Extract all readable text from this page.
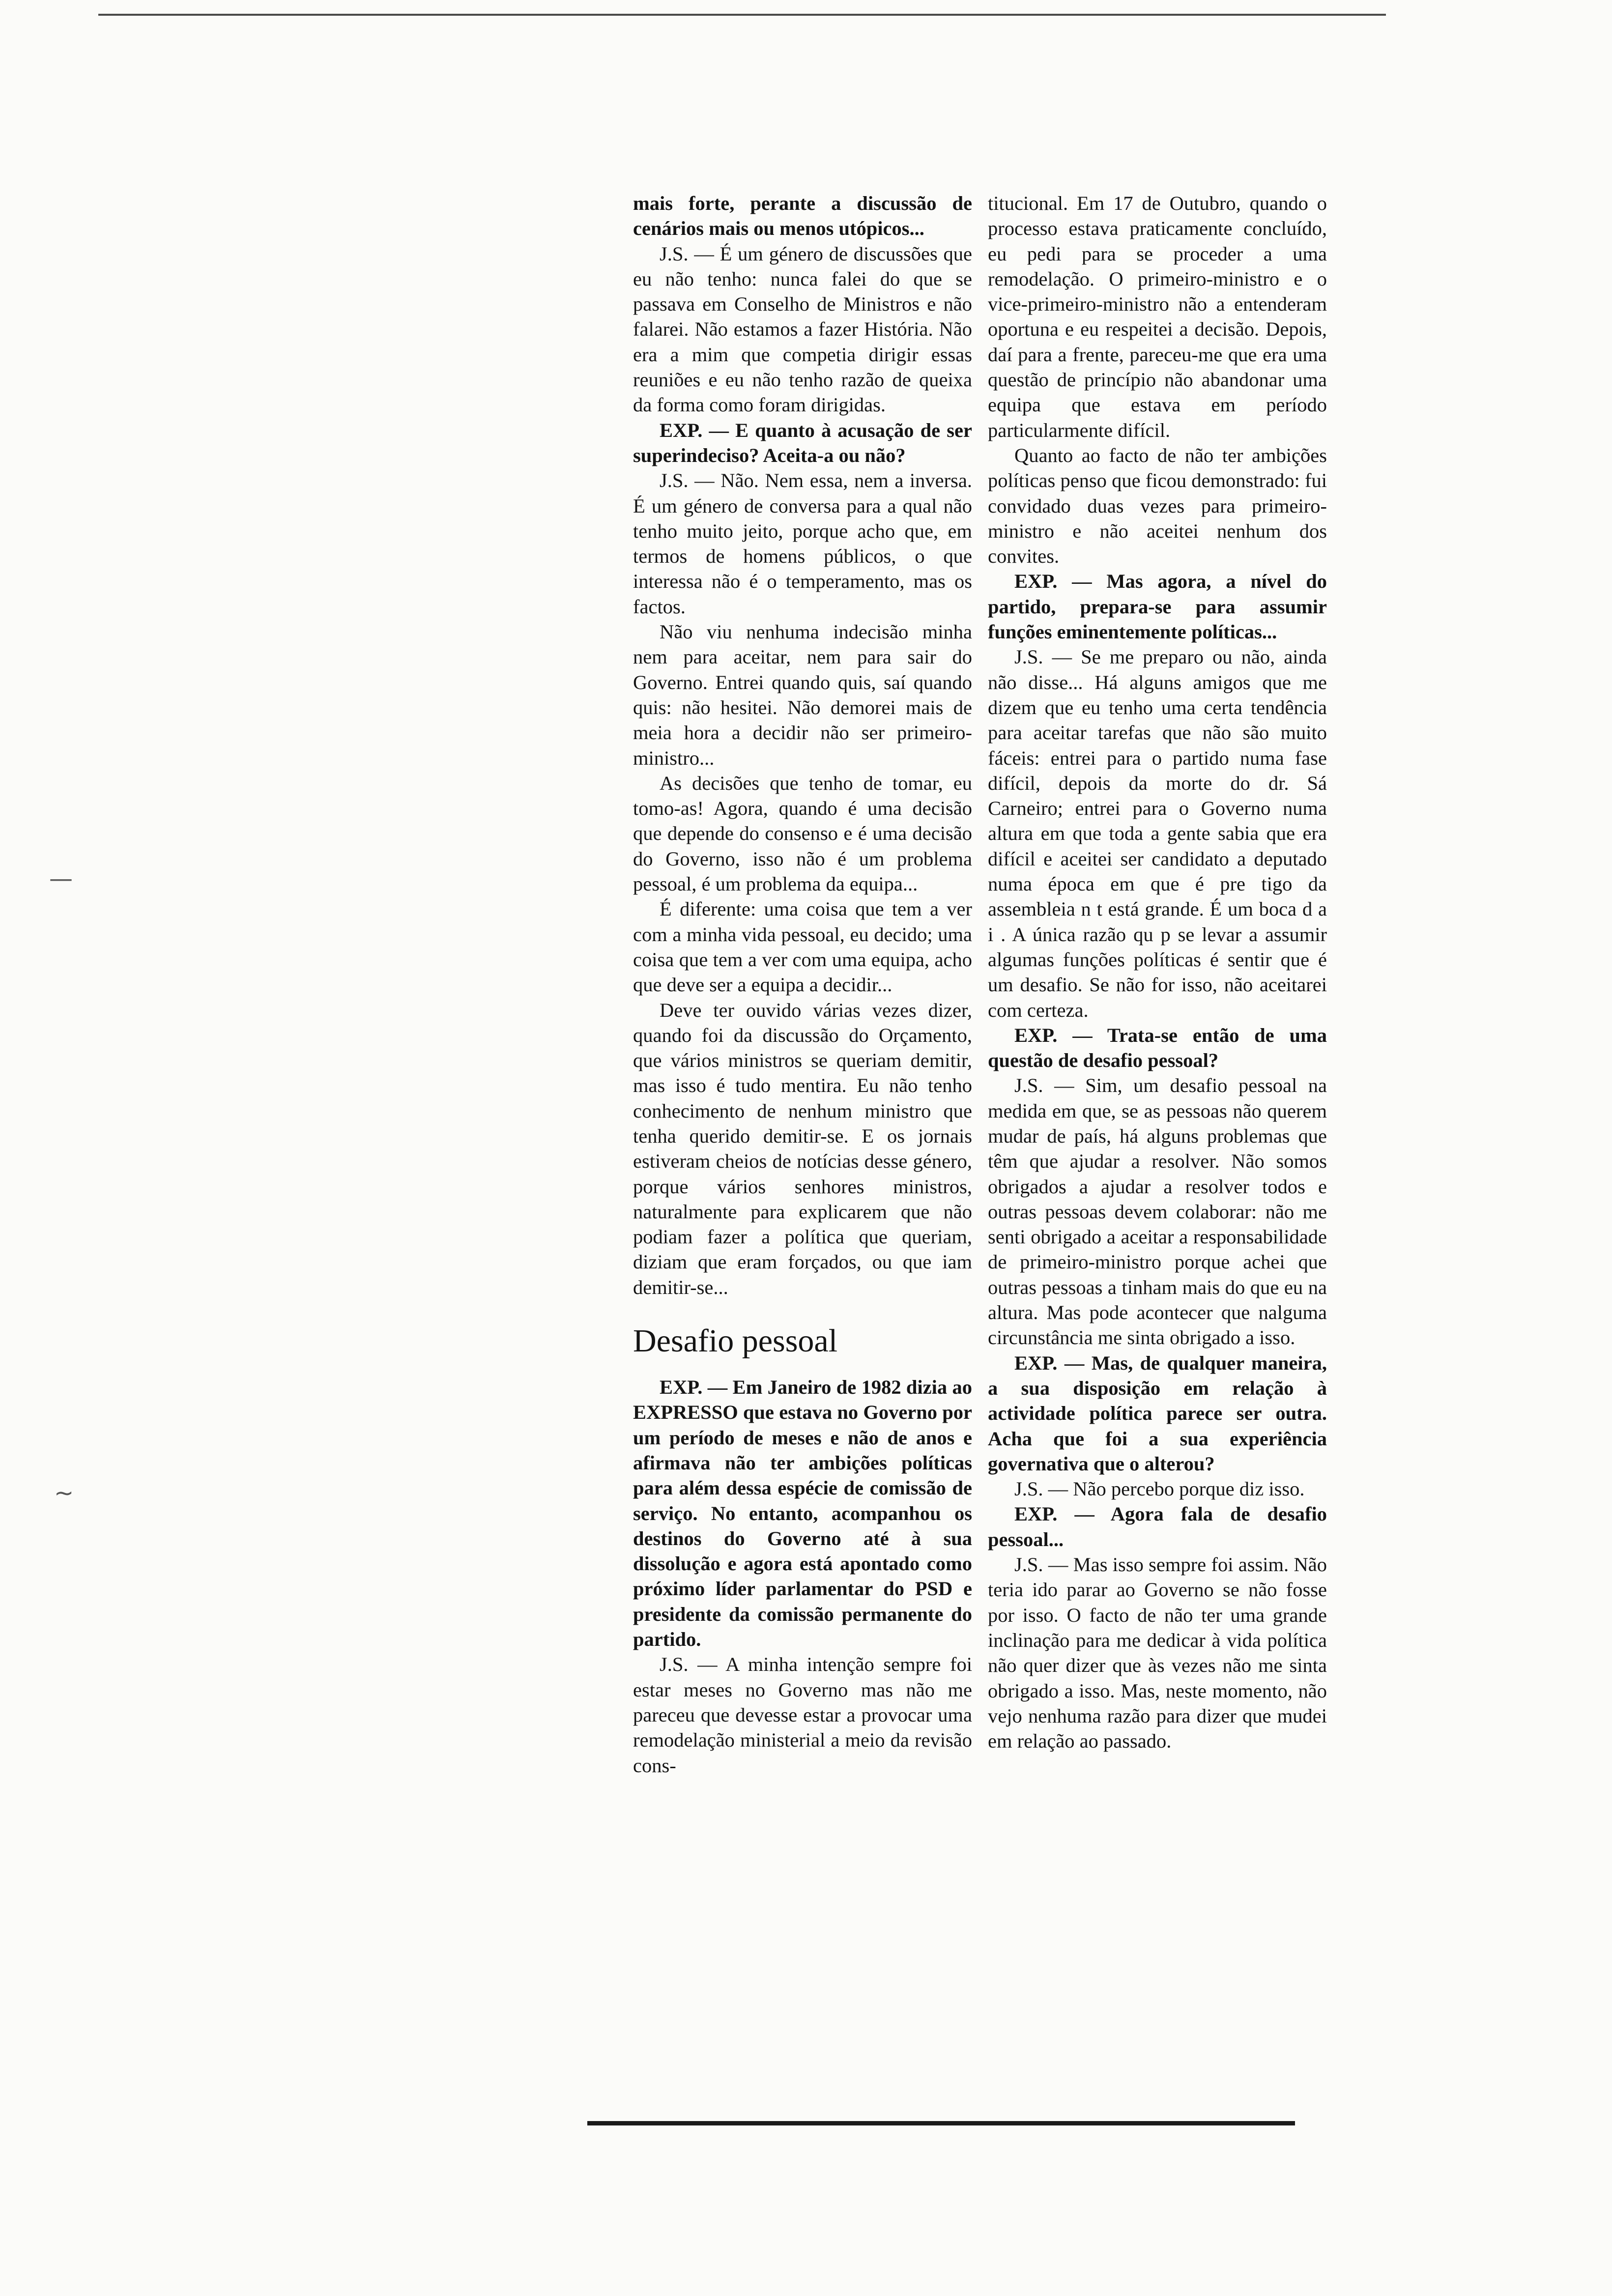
—
~

mais forte, perante a discussão de cenários mais ou menos utópicos...

J.S. — É um género de discussões que eu não tenho: nunca falei do que se passava em Conselho de Ministros e não falarei. Não estamos a fazer História. Não era a mim que competia dirigir essas reuniões e eu não tenho razão de queixa da forma como foram dirigidas.

EXP. — E quanto à acusação de ser superindeciso? Aceita-a ou não?

J.S. — Não. Nem essa, nem a inversa. É um género de conversa para a qual não tenho muito jeito, porque acho que, em termos de homens públicos, o que interessa não é o temperamento, mas os factos.

Não viu nenhuma indecisão minha nem para aceitar, nem para sair do Governo. Entrei quando quis, saí quando quis: não hesitei. Não demorei mais de meia hora a decidir não ser primeiro-ministro...

As decisões que tenho de tomar, eu tomo-as! Agora, quando é uma decisão que depende do consenso e é uma decisão do Governo, isso não é um problema pessoal, é um problema da equipa...

É diferente: uma coisa que tem a ver com a minha vida pessoal, eu decido; uma coisa que tem a ver com uma equipa, acho que deve ser a equipa a decidir...

Deve ter ouvido várias vezes dizer, quando foi da discussão do Orçamento, que vários ministros se queriam demitir, mas isso é tudo mentira. Eu não tenho conhecimento de nenhum ministro que tenha querido demitir-se. E os jornais estiveram cheios de notícias desse género, porque vários senhores ministros, naturalmente para explicarem que não podiam fazer a política que queriam, diziam que eram forçados, ou que iam demitir-se...

Desafio pessoal

EXP. — Em Janeiro de 1982 dizia ao EXPRESSO que estava no Governo por um período de meses e não de anos e afirmava não ter ambições políticas para além dessa espécie de comissão de serviço. No entanto, acompanhou os destinos do Governo até à sua dissolução e agora está apontado como próximo líder parlamentar do PSD e presidente da comissão permanente do partido.

J.S. — A minha intenção sempre foi estar meses no Governo mas não me pareceu que devesse estar a provocar uma remodelação ministerial a meio da revisão cons-

titucional. Em 17 de Outubro, quando o processo estava praticamente concluído, eu pedi para se proceder a uma remodelação. O primeiro-ministro e o vice-primeiro-ministro não a entenderam oportuna e eu respeitei a decisão. Depois, daí para a frente, pareceu-me que era uma questão de princípio não abandonar uma equipa que estava em período particularmente difícil.

Quanto ao facto de não ter ambições políticas penso que ficou demonstrado: fui convidado duas vezes para primeiro-ministro e não aceitei nenhum dos convites.

EXP. — Mas agora, a nível do partido, prepara-se para assumir funções eminentemente políticas...

J.S. — Se me preparo ou não, ainda não disse... Há alguns amigos que me dizem que eu tenho uma certa tendência para aceitar tarefas que não são muito fáceis: entrei para o partido numa fase difícil, depois da morte do dr. Sá Carneiro; entrei para o Governo numa altura em que toda a gente sabia que era difícil e aceitei ser candidato a deputado numa época em que é pre tigo da assembleia n t está grande. É um boca d a i . A única razão qu p se levar a assumir algumas funções políticas é sentir que é um desafio. Se não for isso, não aceitarei com certeza.

EXP. — Trata-se então de uma questão de desafio pessoal?

J.S. — Sim, um desafio pessoal na medida em que, se as pessoas não querem mudar de país, há alguns problemas que têm que ajudar a resolver. Não somos obrigados a ajudar a resolver todos e outras pessoas devem colaborar: não me senti obrigado a aceitar a responsabilidade de primeiro-ministro porque achei que outras pessoas a tinham mais do que eu na altura. Mas pode acontecer que nalguma circunstância me sinta obrigado a isso.

EXP. — Mas, de qualquer maneira, a sua disposição em relação à actividade política parece ser outra. Acha que foi a sua experiência governativa que o alterou?

J.S. — Não percebo porque diz isso.

EXP. — Agora fala de desafio pessoal...

J.S. — Mas isso sempre foi assim. Não teria ido parar ao Governo se não fosse por isso. O facto de não ter uma grande inclinação para me dedicar à vida política não quer dizer que às vezes não me sinta obrigado a isso. Mas, neste momento, não vejo nenhuma razão para dizer que mudei em relação ao passado.
